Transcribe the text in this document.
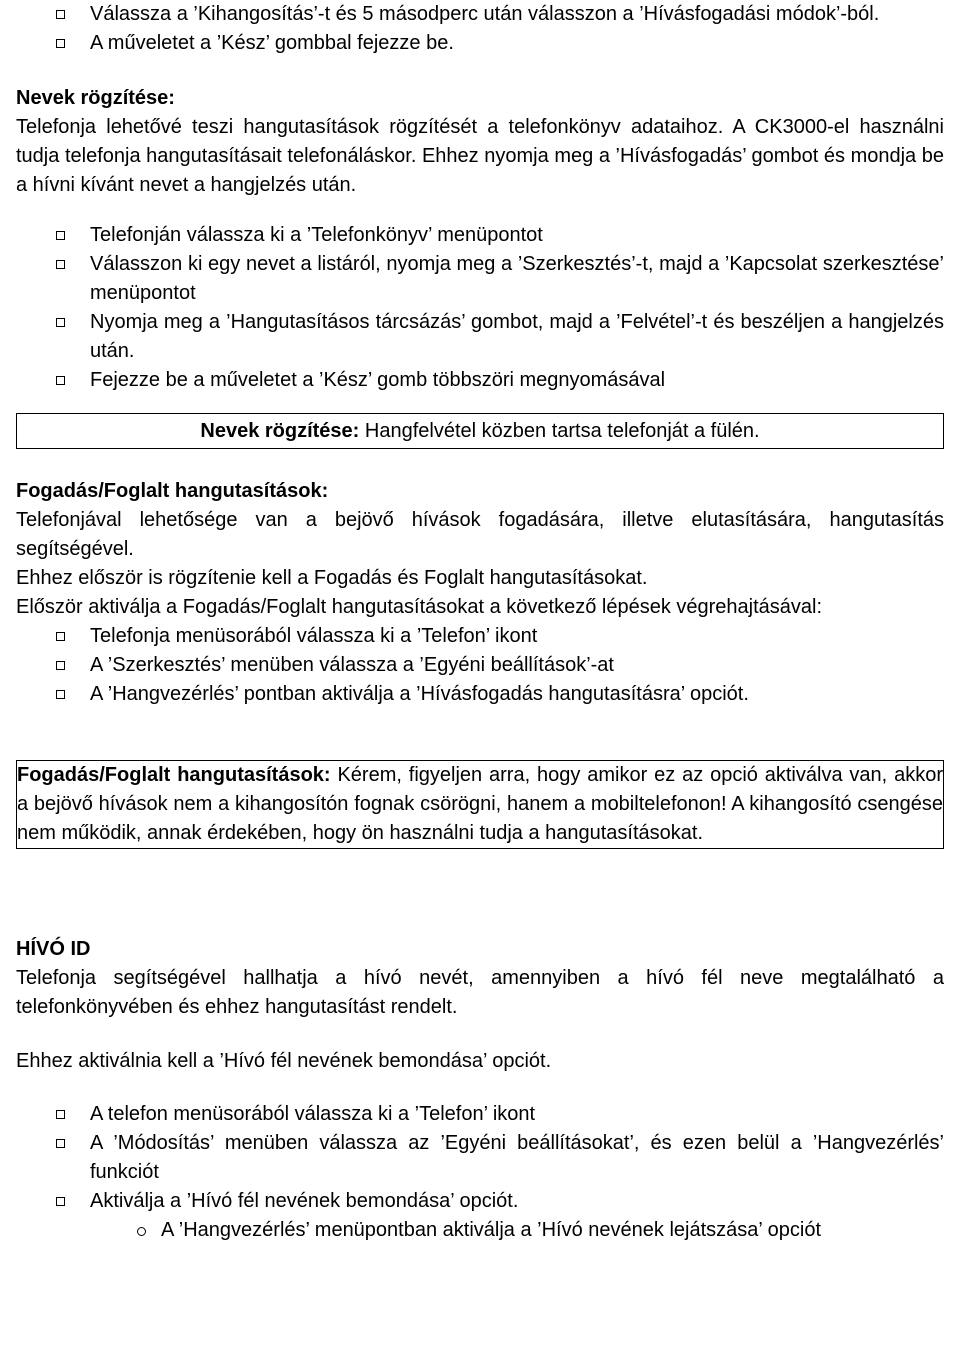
Válassza a ’Kihangosítás’-t és 5 másodperc után válasszon a ’Hívásfogadási módok’-ból.
A műveletet a ’Kész’ gombbal fejezze be.

Nevek rögzítése:

Telefonja lehetővé teszi hangutasítások rögzítését a telefonkönyv adataihoz. A CK3000-el használni tudja telefonja hangutasításait telefonáláskor. Ehhez nyomja meg a ’Hívásfogadás’ gombot és mondja be a hívni kívánt nevet a hangjelzés után.

Telefonján válassza ki a ’Telefonkönyv’ menüpontot
Válasszon ki egy nevet a listáról, nyomja meg a ’Szerkesztés’-t, majd a ’Kapcsolat szerkesztése’ menüpontot
Nyomja meg a ’Hangutasításos tárcsázás’ gombot, majd a ’Felvétel’-t és beszéljen a hangjelzés után.
Fejezze be a műveletet a ’Kész’ gomb többszöri megnyomásával
Nevek rögzítése: Hangfelvétel közben tartsa telefonját a fülén.

Fogadás/Foglalt hangutasítások:

Telefonjával lehetősége van a bejövő hívások fogadására, illetve elutasítására, hangutasítás segítségével.

Ehhez először is rögzítenie kell a Fogadás és Foglalt hangutasításokat.

Először aktiválja a Fogadás/Foglalt hangutasításokat a következő lépések végrehajtásával:

Telefonja menüsorából válassza ki a ’Telefon’ ikont
A ’Szerkesztés’ menüben válassza a ’Egyéni beállítások’-at
A ’Hangvezérlés’ pontban aktiválja a ’Hívásfogadás hangutasításra’ opciót.
Fogadás/Foglalt hangutasítások: Kérem, figyeljen arra, hogy amikor ez az opció aktiválva van, akkor a bejövő hívások nem a kihangosítón fognak csörögni, hanem a mobiltelefonon! A kihangosító csengése nem működik, annak érdekében, hogy ön használni tudja a hangutasításokat.

HÍVÓ ID

Telefonja segítségével hallhatja a hívó nevét, amennyiben a hívó fél neve megtalálható a telefonkönyvében és ehhez hangutasítást rendelt.

Ehhez aktiválnia kell a ’Hívó fél nevének bemondása’ opciót.

A telefon menüsorából válassza ki a ’Telefon’ ikont
A ’Módosítás’ menüben válassza az ’Egyéni beállításokat’, és ezen belül a ’Hangvezérlés’ funkciót
Aktiválja a ’Hívó fél nevének bemondása’ opciót.
A ’Hangvezérlés’ menüpontban aktiválja a ’Hívó nevének lejátszása’ opciót
